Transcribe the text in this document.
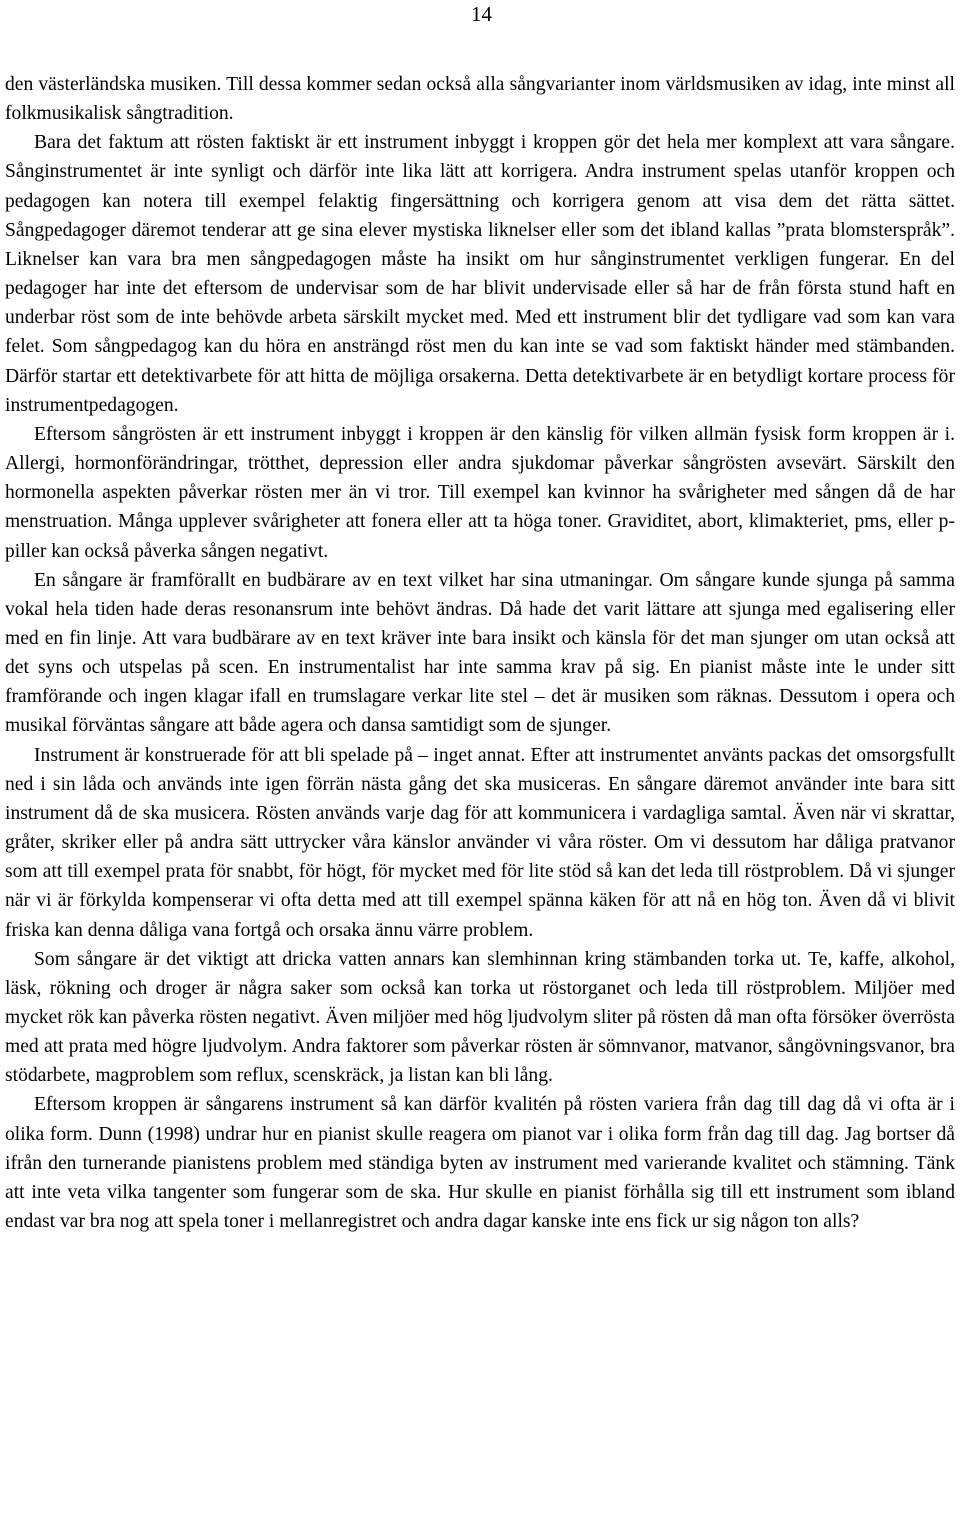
14

den västerländska musiken. Till dessa kommer sedan också alla sångvarianter inom världsmusiken av idag, inte minst all folkmusikalisk sångtradition.

Bara det faktum att rösten faktiskt är ett instrument inbyggt i kroppen gör det hela mer komplext att vara sångare. Sånginstrumentet är inte synligt och därför inte lika lätt att korrigera. Andra instrument spelas utanför kroppen och pedagogen kan notera till exempel felaktig fingersättning och korrigera genom att visa dem det rätta sättet. Sångpedagoger däremot tenderar att ge sina elever mystiska liknelser eller som det ibland kallas ”prata blomsterspråk”. Liknelser kan vara bra men sångpedagogen måste ha insikt om hur sånginstrumentet verkligen fungerar. En del pedagoger har inte det eftersom de undervisar som de har blivit undervisade eller så har de från första stund haft en underbar röst som de inte behövde arbeta särskilt mycket med. Med ett instrument blir det tydligare vad som kan vara felet. Som sångpedagog kan du höra en ansträngd röst men du kan inte se vad som faktiskt händer med stämbanden. Därför startar ett detektivarbete för att hitta de möjliga orsakerna. Detta detektivarbete är en betydligt kortare process för instrumentpedagogen.

Eftersom sångrösten är ett instrument inbyggt i kroppen är den känslig för vilken allmän fysisk form kroppen är i. Allergi, hormonförändringar, trötthet, depression eller andra sjukdomar påverkar sångrösten avsevärt. Särskilt den hormonella aspekten påverkar rösten mer än vi tror. Till exempel kan kvinnor ha svårigheter med sången då de har menstruation. Många upplever svårigheter att fonera eller att ta höga toner. Graviditet, abort, klimakteriet, pms, eller p-piller kan också påverka sången negativt.

En sångare är framförallt en budbärare av en text vilket har sina utmaningar. Om sångare kunde sjunga på samma vokal hela tiden hade deras resonansrum inte behövt ändras. Då hade det varit lättare att sjunga med egalisering eller med en fin linje. Att vara budbärare av en text kräver inte bara insikt och känsla för det man sjunger om utan också att det syns och utspelas på scen. En instrumentalist har inte samma krav på sig. En pianist måste inte le under sitt framförande och ingen klagar ifall en trumslagare verkar lite stel – det är musiken som räknas. Dessutom i opera och musikal förväntas sångare att både agera och dansa samtidigt som de sjunger.

Instrument är konstruerade för att bli spelade på – inget annat. Efter att instrumentet använts packas det omsorgsfullt ned i sin låda och används inte igen förrän nästa gång det ska musiceras. En sångare däremot använder inte bara sitt instrument då de ska musicera. Rösten används varje dag för att kommunicera i vardagliga samtal. Även när vi skrattar, gråter, skriker eller på andra sätt uttrycker våra känslor använder vi våra röster. Om vi dessutom har dåliga pratvanor som att till exempel prata för snabbt, för högt, för mycket med för lite stöd så kan det leda till röstproblem. Då vi sjunger när vi är förkylda kompenserar vi ofta detta med att till exempel spänna käken för att nå en hög ton. Även då vi blivit friska kan denna dåliga vana fortgå och orsaka ännu värre problem.

Som sångare är det viktigt att dricka vatten annars kan slemhinnan kring stämbanden torka ut. Te, kaffe, alkohol, läsk, rökning och droger är några saker som också kan torka ut röstorganet och leda till röstproblem. Miljöer med mycket rök kan påverka rösten negativt. Även miljöer med hög ljudvolym sliter på rösten då man ofta försöker överrösta med att prata med högre ljudvolym. Andra faktorer som påverkar rösten är sömnvanor, matvanor, sångövningsvanor, bra stödarbete, magproblem som reflux, scenskräck, ja listan kan bli lång.

Eftersom kroppen är sångarens instrument så kan därför kvalitén på rösten variera från dag till dag då vi ofta är i olika form. Dunn (1998) undrar hur en pianist skulle reagera om pianot var i olika form från dag till dag. Jag bortser då ifrån den turnerande pianistens problem med ständiga byten av instrument med varierande kvalitet och stämning. Tänk att inte veta vilka tangenter som fungerar som de ska. Hur skulle en pianist förhålla sig till ett instrument som ibland endast var bra nog att spela toner i mellanregistret och andra dagar kanske inte ens fick ur sig någon ton alls?
